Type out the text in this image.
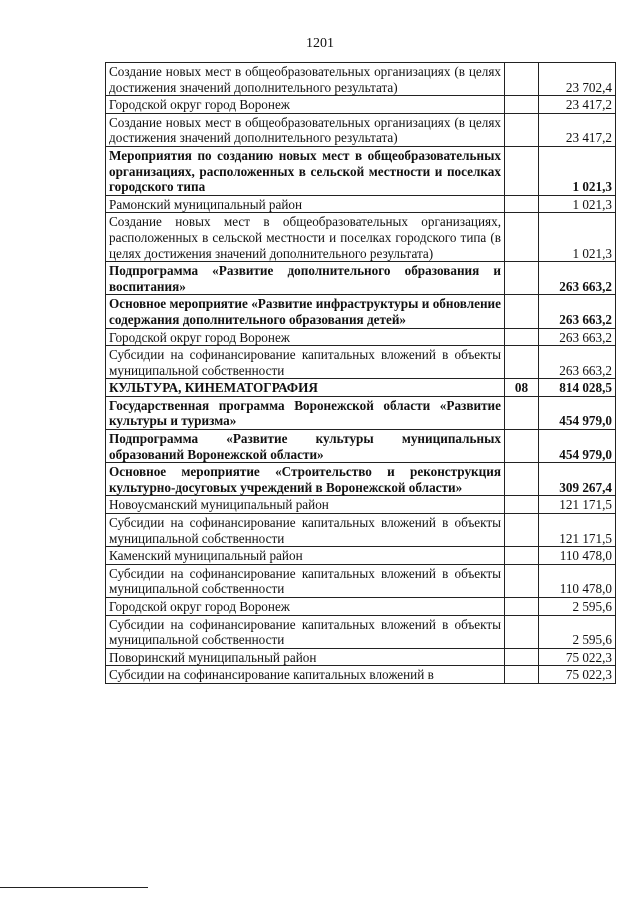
1201
Создание новых мест в общеобразовательных организациях (в целях достижения значений дополнительного результата)		23 702,4
Городской округ город Воронеж		23 417,2
Создание новых мест в общеобразовательных организациях (в целях достижения значений дополнительного результата)		23 417,2
Мероприятия по созданию новых мест в общеобразовательных организациях, расположенных в сельской местности и поселках городского типа		1 021,3
Рамонский муниципальный район		1 021,3
Создание новых мест в общеобразовательных организациях, расположенных в сельской местности и поселках городского типа (в целях достижения значений дополнительного результата)		1 021,3
Подпрограмма «Развитие дополнительного образования и воспитания»		263 663,2
Основное мероприятие «Развитие инфраструктуры и обновление содержания дополнительного образования детей»		263 663,2
Городской округ город Воронеж		263 663,2
Субсидии на софинансирование капитальных вложений в объекты муниципальной собственности		263 663,2
КУЛЬТУРА, КИНЕМАТОГРАФИЯ	08	814 028,5
Государственная программа Воронежской области «Развитие культуры и туризма»		454 979,0
Подпрограмма «Развитие культуры муниципальных образований Воронежской области»		454 979,0
Основное мероприятие «Строительство и реконструкция культурно-досуговых учреждений в Воронежской области»		309 267,4
Новоусманский муниципальный район		121 171,5
Субсидии на софинансирование капитальных вложений в объекты муниципальной собственности		121 171,5
Каменский муниципальный район		110 478,0
Субсидии на софинансирование капитальных вложений в объекты муниципальной собственности		110 478,0
Городской округ город Воронеж		2 595,6
Субсидии на софинансирование капитальных вложений в объекты муниципальной собственности		2 595,6
Поворинский муниципальный район		75 022,3
Субсидии на софинансирование капитальных вложений в		75 022,3
